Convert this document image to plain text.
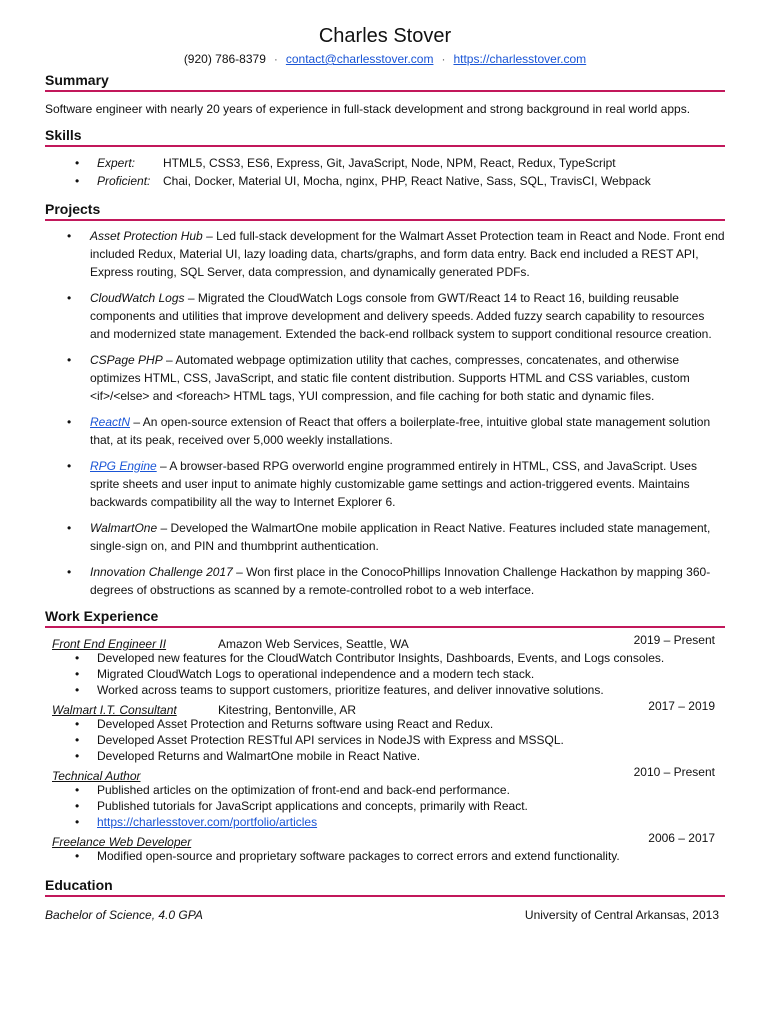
Charles Stover
(920) 786-8379 · contact@charlesstover.com · https://charlesstover.com
Summary
Software engineer with nearly 20 years of experience in full-stack development and strong background in real world apps.
Skills
• Expert: HTML5, CSS3, ES6, Express, Git, JavaScript, Node, NPM, React, Redux, TypeScript
• Proficient: Chai, Docker, Material UI, Mocha, nginx, PHP, React Native, Sass, SQL, TravisCI, Webpack
Projects
• Asset Protection Hub – Led full-stack development for the Walmart Asset Protection team in React and Node. Front end included Redux, Material UI, lazy loading data, charts/graphs, and form data entry. Back end included a REST API, Express routing, SQL Server, data compression, and dynamically generated PDFs.
• CloudWatch Logs – Migrated the CloudWatch Logs console from GWT/React 14 to React 16, building reusable components and utilities that improve development and delivery speeds. Added fuzzy search capability to resources and modernized state management. Extended the back-end rollback system to support conditional resource creation.
• CSPage PHP – Automated webpage optimization utility that caches, compresses, concatenates, and otherwise optimizes HTML, CSS, JavaScript, and static file content distribution. Supports HTML and CSS variables, custom <if>/<else> and <foreach> HTML tags, YUI compression, and file caching for both static and dynamic files.
• ReactN – An open-source extension of React that offers a boilerplate-free, intuitive global state management solution that, at its peak, received over 5,000 weekly installations.
• RPG Engine – A browser-based RPG overworld engine programmed entirely in HTML, CSS, and JavaScript. Uses sprite sheets and user input to animate highly customizable game settings and action-triggered events. Maintains backwards compatibility all the way to Internet Explorer 6.
• WalmartOne – Developed the WalmartOne mobile application in React Native. Features included state management, single-sign on, and PIN and thumbprint authentication.
• Innovation Challenge 2017 – Won first place in the ConocoPhillips Innovation Challenge Hackathon by mapping 360-degrees of obstructions as scanned by a remote-controlled robot to a web interface.
Work Experience
Front End Engineer II	Amazon Web Services, Seattle, WA	2019 – Present
• Developed new features for the CloudWatch Contributor Insights, Dashboards, Events, and Logs consoles.
• Migrated CloudWatch Logs to operational independence and a modern tech stack.
• Worked across teams to support customers, prioritize features, and deliver innovative solutions.
Walmart I.T. Consultant	Kitestring, Bentonville, AR	2017 – 2019
• Developed Asset Protection and Returns software using React and Redux.
• Developed Asset Protection RESTful API services in NodeJS with Express and MSSQL.
• Developed Returns and WalmartOne mobile in React Native.
Technical Author	2010 – Present
• Published articles on the optimization of front-end and back-end performance.
• Published tutorials for JavaScript applications and concepts, primarily with React.
• https://charlesstover.com/portfolio/articles
Freelance Web Developer	2006 – 2017
• Modified open-source and proprietary software packages to correct errors and extend functionality.
Education
Bachelor of Science, 4.0 GPA	University of Central Arkansas, 2013
